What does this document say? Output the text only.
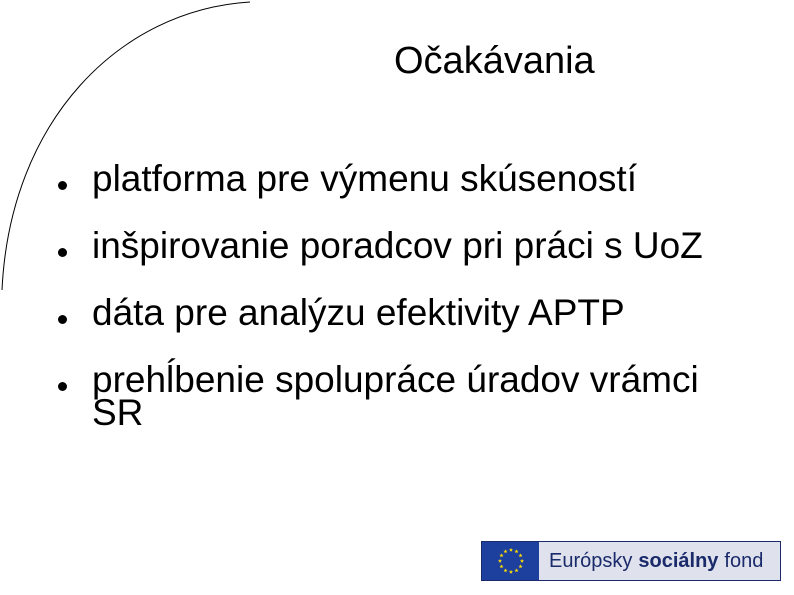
Očakávania
platforma pre výmenu skúseností
inšpirovanie poradcov pri práci s UoZ
dáta pre analýzu efektivity APTP
prehĺbenie spolupráce úradov vrámci SR
Európsky sociálny fond
